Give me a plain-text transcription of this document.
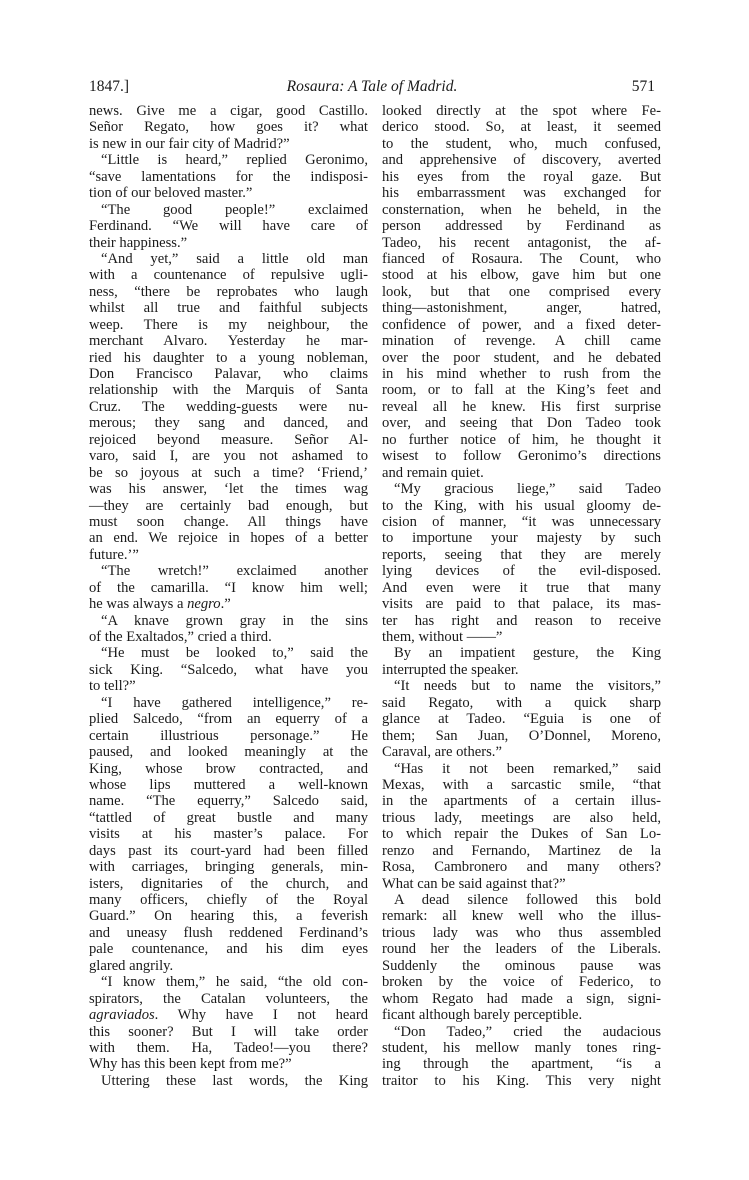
1847.]	Rosaura: A Tale of Madrid.	571
news. Give me a cigar, good Castillo.
Señor Regato, how goes it? what
is new in our fair city of Madrid?”
“Little is heard,” replied Geronimo,
“save lamentations for the indisposi-
tion of our beloved master.”
“The good people!” exclaimed
Ferdinand. “We will have care of
their happiness.”
“And yet,” said a little old man
with a countenance of repulsive ugli-
ness, “there be reprobates who laugh
whilst all true and faithful subjects
weep. There is my neighbour, the
merchant Alvaro. Yesterday he mar-
ried his daughter to a young nobleman,
Don Francisco Palavar, who claims
relationship with the Marquis of Santa
Cruz. The wedding-guests were nu-
merous; they sang and danced, and
rejoiced beyond measure. Señor Al-
varo, said I, are you not ashamed to
be so joyous at such a time? ‘Friend,’
was his answer, ‘let the times wag
—they are certainly bad enough, but
must soon change. All things have
an end. We rejoice in hopes of a better
future.’”
“The wretch!” exclaimed another
of the camarilla. “I know him well;
he was always a negro.”
“A knave grown gray in the sins
of the Exaltados,” cried a third.
“He must be looked to,” said the
sick King. “Salcedo, what have you
to tell?”
“I have gathered intelligence,” re-
plied Salcedo, “from an equerry of a
certain illustrious personage.” He
paused, and looked meaningly at the
King, whose brow contracted, and
whose lips muttered a well-known
name. “The equerry,” Salcedo said,
“tattled of great bustle and many
visits at his master’s palace. For
days past its court-yard had been filled
with carriages, bringing generals, min-
isters, dignitaries of the church, and
many officers, chiefly of the Royal
Guard.” On hearing this, a feverish
and uneasy flush reddened Ferdinand’s
pale countenance, and his dim eyes
glared angrily.
“I know them,” he said, “the old con-
spirators, the Catalan volunteers, the
agraviados. Why have I not heard
this sooner? But I will take order
with them. Ha, Tadeo!—you there?
Why has this been kept from me?”
Uttering these last words, the King
looked directly at the spot where Fe-
derico stood. So, at least, it seemed
to the student, who, much confused,
and apprehensive of discovery, averted
his eyes from the royal gaze. But
his embarrassment was exchanged for
consternation, when he beheld, in the
person addressed by Ferdinand as
Tadeo, his recent antagonist, the af-
fianced of Rosaura. The Count, who
stood at his elbow, gave him but one
look, but that one comprised every
thing—astonishment, anger, hatred,
confidence of power, and a fixed deter-
mination of revenge. A chill came
over the poor student, and he debated
in his mind whether to rush from the
room, or to fall at the King’s feet and
reveal all he knew. His first surprise
over, and seeing that Don Tadeo took
no further notice of him, he thought it
wisest to follow Geronimo’s directions
and remain quiet.
“My gracious liege,” said Tadeo
to the King, with his usual gloomy de-
cision of manner, “it was unnecessary
to importune your majesty by such
reports, seeing that they are merely
lying devices of the evil-disposed.
And even were it true that many
visits are paid to that palace, its mas-
ter has right and reason to receive
them, without ——”
By an impatient gesture, the King
interrupted the speaker.
“It needs but to name the visitors,”
said Regato, with a quick sharp
glance at Tadeo. “Eguia is one of
them; San Juan, O’Donnel, Moreno,
Caraval, are others.”
“Has it not been remarked,” said
Mexas, with a sarcastic smile, “that
in the apartments of a certain illus-
trious lady, meetings are also held,
to which repair the Dukes of San Lo-
renzo and Fernando, Martinez de la
Rosa, Cambronero and many others?
What can be said against that?”
A dead silence followed this bold
remark: all knew well who the illus-
trious lady was who thus assembled
round her the leaders of the Liberals.
Suddenly the ominous pause was
broken by the voice of Federico, to
whom Regato had made a sign, signi-
ficant although barely perceptible.
“Don Tadeo,” cried the audacious
student, his mellow manly tones ring-
ing through the apartment, “is a
traitor to his King. This very night
